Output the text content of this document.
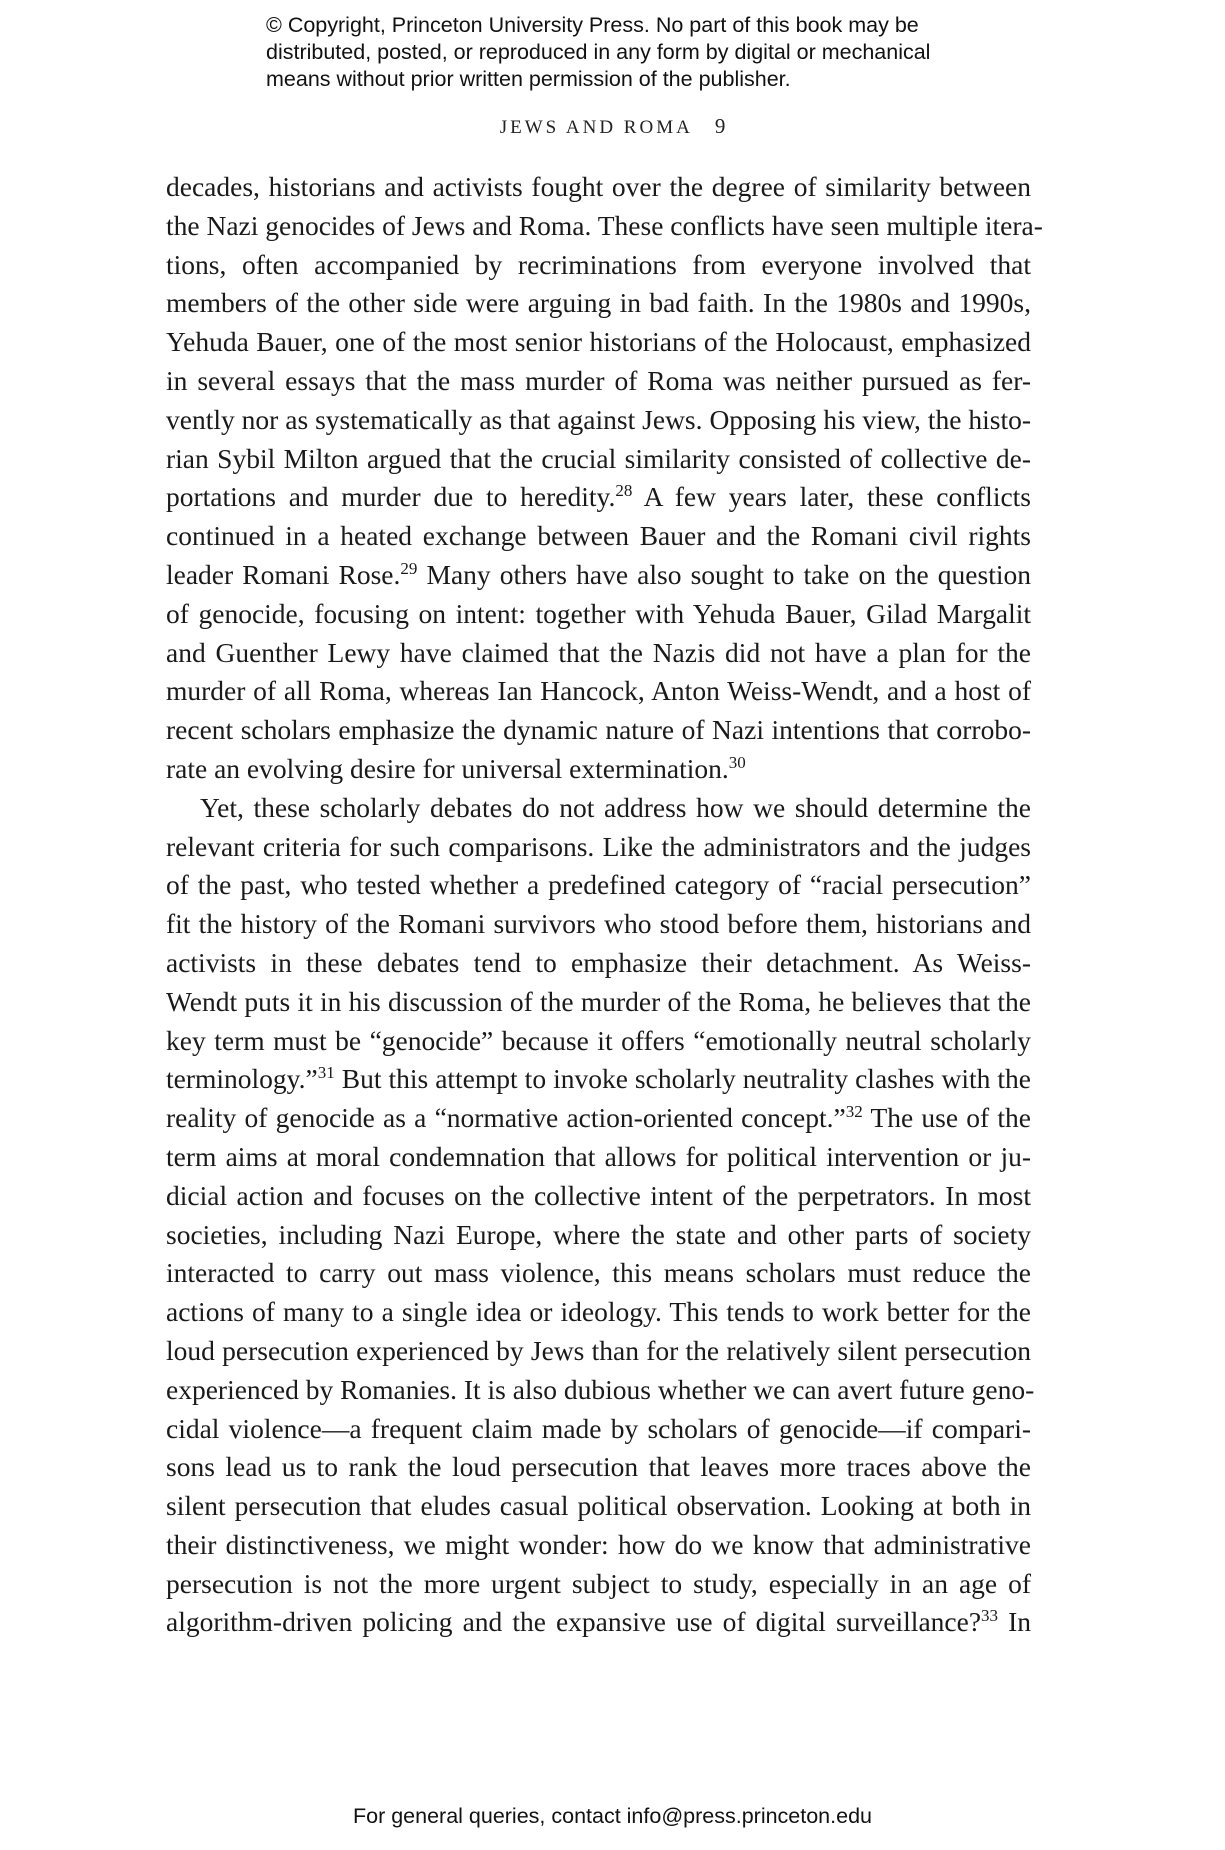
© Copyright, Princeton University Press. No part of this book may be
distributed, posted, or reproduced in any form by digital or mechanical
means without prior written permission of the publisher.
JEWS AND ROMA 9
decades, historians and activists fought over the degree of similarity between
the Nazi genocides of Jews and Roma. These conflicts have seen multiple itera-
tions, often accompanied by recriminations from everyone involved that
members of the other side were arguing in bad faith. In the 1980s and 1990s,
Yehuda Bauer, one of the most senior historians of the Holocaust, emphasized
in several essays that the mass murder of Roma was neither pursued as fer-
vently nor as systematically as that against Jews. Opposing his view, the histo-
rian Sybil Milton argued that the crucial similarity consisted of collective de-
portations and murder due to heredity.$^{28}$ A few years later, these conflicts
continued in a heated exchange between Bauer and the Romani civil rights
leader Romani Rose.$^{29}$ Many others have also sought to take on the question
of genocide, focusing on intent: together with Yehuda Bauer, Gilad Margalit
and Guenther Lewy have claimed that the Nazis did not have a plan for the
murder of all Roma, whereas Ian Hancock, Anton Weiss-Wendt, and a host of
recent scholars emphasize the dynamic nature of Nazi intentions that corrobo-
rate an evolving desire for universal extermination.$^{30}$
Yet, these scholarly debates do not address how we should determine the
relevant criteria for such comparisons. Like the administrators and the judges
of the past, who tested whether a predefined category of “racial persecution”
fit the history of the Romani survivors who stood before them, historians and
activists in these debates tend to emphasize their detachment. As Weiss-
Wendt puts it in his discussion of the murder of the Roma, he believes that the
key term must be “genocide” because it offers “emotionally neutral scholarly
terminology.”$^{31}$ But this attempt to invoke scholarly neutrality clashes with the
reality of genocide as a “normative action-oriented concept.”$^{32}$ The use of the
term aims at moral condemnation that allows for political intervention or ju-
dicial action and focuses on the collective intent of the perpetrators. In most
societies, including Nazi Europe, where the state and other parts of society
interacted to carry out mass violence, this means scholars must reduce the
actions of many to a single idea or ideology. This tends to work better for the
loud persecution experienced by Jews than for the relatively silent persecution
experienced by Romanies. It is also dubious whether we can avert future geno-
cidal violence—a frequent claim made by scholars of genocide—if compari-
sons lead us to rank the loud persecution that leaves more traces above the
silent persecution that eludes casual political observation. Looking at both in
their distinctiveness, we might wonder: how do we know that administrative
persecution is not the more urgent subject to study, especially in an age of
algorithm-driven policing and the expansive use of digital surveillance?$^{33}$ In
For general queries, contact info@press.princeton.edu
